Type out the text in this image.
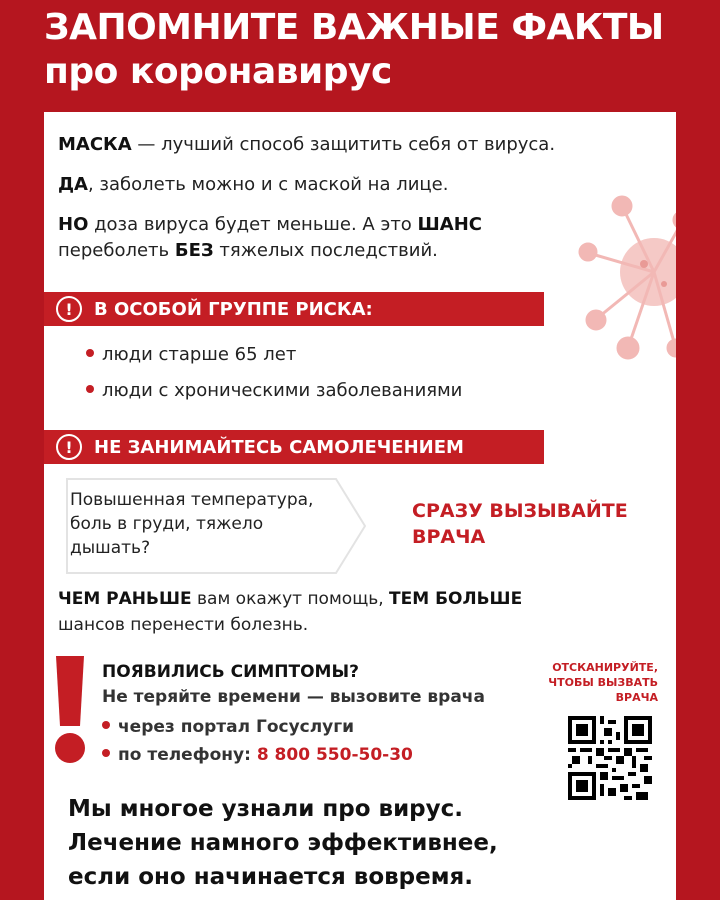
ЗАПОМНИТЕ ВАЖНЫЕ ФАКТЫ
про коронавирус
МАСКА — лучший способ защитить себя от вируса.
ДА, заболеть можно и с маской на лице.
НО доза вируса будет меньше. А это ШАНС
переболеть БЕЗ тяжелых последствий.
!	В ОСОБОЙ ГРУППЕ РИСКА:
люди старше 65 лет
люди с хроническими заболеваниями
!	НЕ ЗАНИМАЙТЕСЬ САМОЛЕЧЕНИЕМ
Повышенная температура,
боль в груди, тяжело
дышать?
СРАЗУ ВЫЗЫВАЙТЕ
ВРАЧА
ЧЕМ РАНЬШЕ вам окажут помощь, ТЕМ БОЛЬШЕ
шансов перенести болезнь.
ПОЯВИЛИСЬ СИМПТОМЫ?
Не теряйте времени — вызовите врача
через портал Госуслуги
по телефону: 8 800 550-50-30
ОТСКАНИРУЙТЕ,
ЧТОБЫ ВЫЗВАТЬ
ВРАЧА
Мы многое узнали про вирус.
Лечение намного эффективнее,
если оно начинается вовремя.
